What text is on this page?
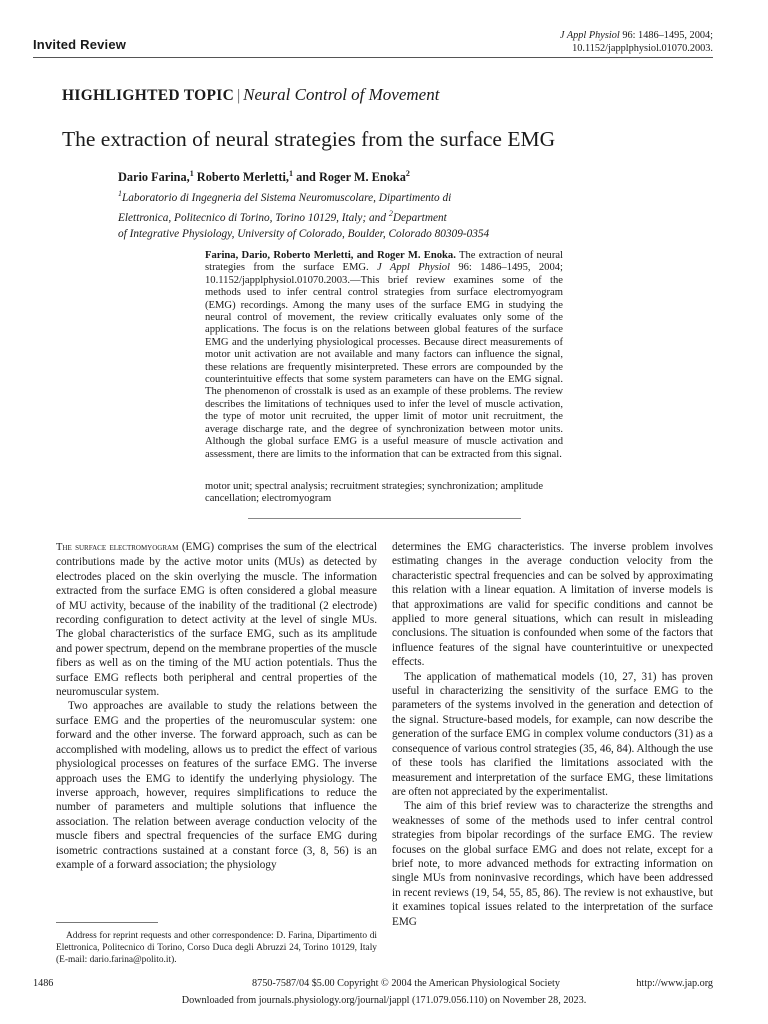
Invited Review
J Appl Physiol 96: 1486–1495, 2004;
10.1152/japplphysiol.01070.2003.
HIGHLIGHTED TOPIC | Neural Control of Movement
The extraction of neural strategies from the surface EMG
Dario Farina,$^1$ Roberto Merletti,$^1$ and Roger M. Enoka$^2$
$^1$Laboratorio di Ingegneria del Sistema Neuromuscolare, Dipartimento di
Elettronica, Politecnico di Torino, Torino 10129, Italy; and $^2$Department
of Integrative Physiology, University of Colorado, Boulder, Colorado 80309-0354
Farina, Dario, Roberto Merletti, and Roger M. Enoka. The extraction of neural strategies from the surface EMG. J Appl Physiol 96: 1486–1495, 2004; 10.1152/japplphysiol.01070.2003.—This brief review examines some of the methods used to infer central control strategies from surface electromyogram (EMG) recordings. Among the many uses of the surface EMG in studying the neural control of movement, the review critically evaluates only some of the applications. The focus is on the relations between global features of the surface EMG and the underlying physiological processes. Because direct measurements of motor unit activation are not available and many factors can influence the signal, these relations are frequently misinterpreted. These errors are compounded by the counterintuitive effects that some system parameters can have on the EMG signal. The phenomenon of crosstalk is used as an example of these problems. The review describes the limitations of techniques used to infer the level of muscle activation, the type of motor unit recruited, the upper limit of motor unit recruitment, the average discharge rate, and the degree of synchronization between motor units. Although the global surface EMG is a useful measure of muscle activation and assessment, there are limits to the information that can be extracted from this signal.
motor unit; spectral analysis; recruitment strategies; synchronization; amplitude cancellation; electromyogram

The surface electromyogram (EMG) comprises the sum of the electrical contributions made by the active motor units (MUs) as detected by electrodes placed on the skin overlying the muscle. The information extracted from the surface EMG is often considered a global measure of MU activity, because of the inability of the traditional (2 electrode) recording configuration to detect activity at the level of single MUs. The global characteristics of the surface EMG, such as its amplitude and power spectrum, depend on the membrane properties of the muscle fibers as well as on the timing of the MU action potentials. Thus the surface EMG reflects both peripheral and central properties of the neuromuscular system.

Two approaches are available to study the relations between the surface EMG and the properties of the neuromuscular system: one forward and the other inverse. The forward approach, such as can be accomplished with modeling, allows us to predict the effect of various physiological processes on features of the surface EMG. The inverse approach uses the EMG to identify the underlying physiology. The inverse approach, however, requires simplifications to reduce the number of parameters and multiple solutions that influence the association. The relation between average conduction velocity of the muscle fibers and spectral frequencies of the surface EMG during isometric contractions sustained at a constant force (3, 8, 56) is an example of a forward association; the physiology

determines the EMG characteristics. The inverse problem involves estimating changes in the average conduction velocity from the characteristic spectral frequencies and can be solved by approximating this relation with a linear equation. A limitation of inverse models is that approximations are valid for specific conditions and cannot be applied to more general situations, which can result in misleading conclusions. The situation is confounded when some of the factors that influence features of the signal have counterintuitive or unexpected effects.

The application of mathematical models (10, 27, 31) has proven useful in characterizing the sensitivity of the surface EMG to the parameters of the systems involved in the generation and detection of the signal. Structure-based models, for example, can now describe the generation of the surface EMG in complex volume conductors (31) as a consequence of various control strategies (35, 46, 84). Although the use of these tools has clarified the limitations associated with the measurement and interpretation of the surface EMG, these limitations are often not appreciated by the experimentalist.

The aim of this brief review was to characterize the strengths and weaknesses of some of the methods used to infer central control strategies from bipolar recordings of the surface EMG. The review focuses on the global surface EMG and does not relate, except for a brief note, to more advanced methods for extracting information on single MUs from noninvasive recordings, which have been addressed in recent reviews (19, 54, 55, 85, 86). The review is not exhaustive, but it examines topical issues related to the interpretation of the surface EMG

Address for reprint requests and other correspondence: D. Farina, Dipartimento di Elettronica, Politecnico di Torino, Corso Duca degli Abruzzi 24, Torino 10129, Italy (E-mail: dario.farina@polito.it).
1486	8750-7587/04 $5.00 Copyright © 2004 the American Physiological Society	http://www.jap.org
Downloaded from journals.physiology.org/journal/jappl (171.079.056.110) on November 28, 2023.
